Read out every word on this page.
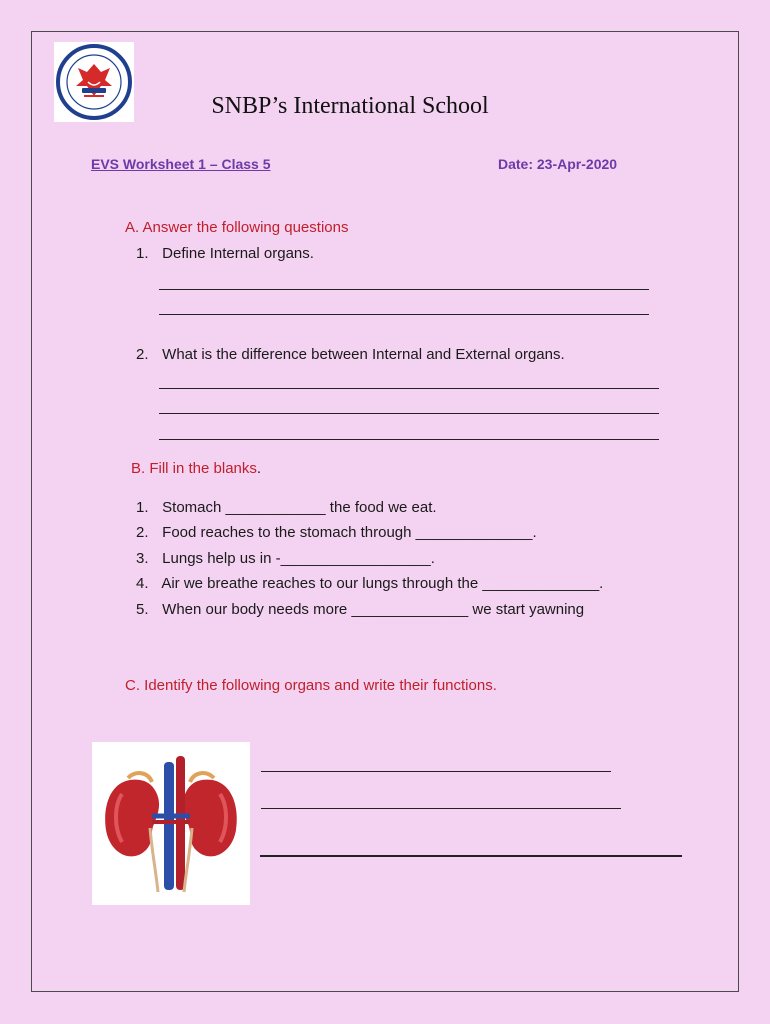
SNBP’s International School
EVS Worksheet 1 – Class 5	Date: 23-Apr-2020
A. Answer the following questions
1. Define Internal organs.
2. What is the difference between Internal and External organs.
B. Fill in the blanks.
1. Stomach ____________ the food we eat.
2. Food reaches to the stomach through ______________.
3. Lungs help us in -__________________.
4. Air we breathe reaches to our lungs through the ______________.
5. When our body needs more ______________ we start yawning
C. Identify the following organs and write their functions.
